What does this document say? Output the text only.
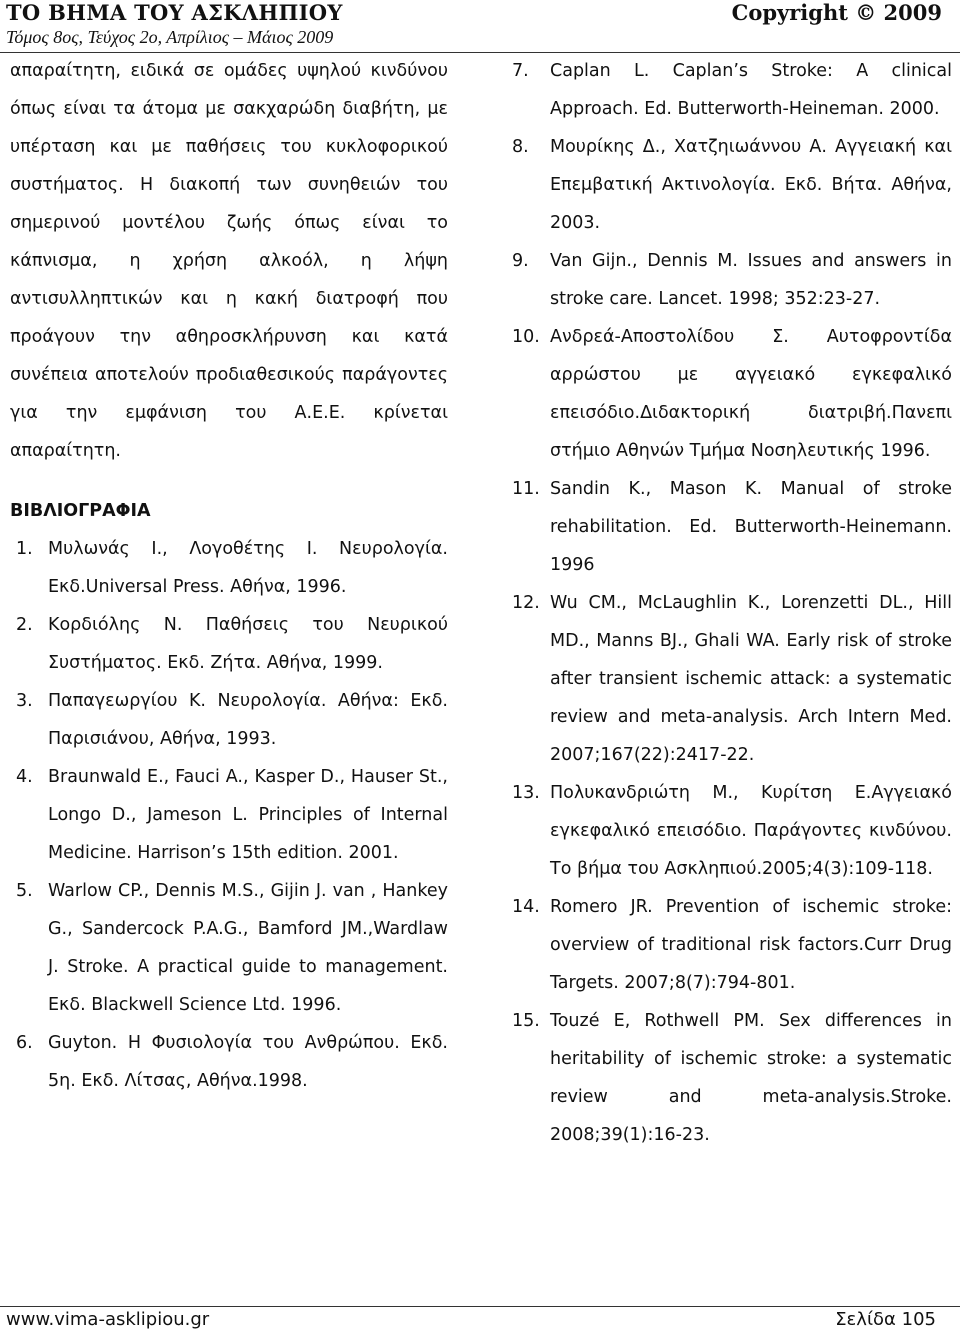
ΤΟ ΒΗΜΑ ΤΟΥ ΑΣΚΛΗΠΙΟΥ	Copyright © 2009
Τόμος 8ος, Τεύχος 2ο, Απρίλιος – Μάιος 2009
απαραίτητη, ειδικά σε ομάδες υψηλού κινδύνου όπως είναι τα άτομα με σακχαρώδη διαβήτη, με υπέρταση και με παθήσεις του κυκλοφορικού συστήματος. Η διακοπή των συνηθειών του σημερινού μοντέλου ζωής όπως είναι το κάπνισμα, η χρήση αλκοόλ, η λήψη αντισυλληπτικών και η κακή διατροφή που προάγουν την αθηροσκλήρυνση και κατά συνέπεια αποτελούν προδιαθεσικούς παράγοντες για την εμφάνιση του Α.Ε.Ε. κρίνεται απαραίτητη.
ΒΙΒΛΙΟΓΡΑΦΙΑ
1. Μυλωνάς Ι., Λογοθέτης Ι. Νευρολογία. Εκδ.Universal Press. Αθήνα, 1996.
2. Κορδιόλης Ν. Παθήσεις του Νευρικού Συστήματος. Εκδ. Ζήτα. Αθήνα, 1999.
3. Παπαγεωργίου Κ. Νευρολογία. Αθήνα: Εκδ. Παρισιάνου, Αθήνα, 1993.
4. Braunwald E., Fauci A., Kasper D., Hauser St., Longo D., Jameson L. Principles of Internal Medicine. Harrison’s 15th edition. 2001.
5. Warlow CP., Dennis M.S., Gijin J. van , Hankey G., Sandercock P.A.G., Bamford JM.,Wardlaw J. Stroke. A practical guide to management. Εκδ. Blackwell Science Ltd. 1996.
6. Guyton. Η Φυσιολογία του Ανθρώπου. Εκδ. 5η. Εκδ. Λίτσας, Αθήνα.1998.
7. Caplan L. Caplan’s Stroke: A clinical Approach. Ed. Butterworth-Heineman. 2000.
8. Μουρίκης Δ., Χατζηιωάννου Α. Αγγειακή και Επεμβατική Ακτινολογία. Εκδ. Βήτα. Αθήνα, 2003.
9. Van Gijn., Dennis M. Issues and answers in stroke care. Lancet. 1998; 352:23-27.
10. Ανδρεά-Αποστολίδου Σ. Αυτοφροντίδα αρρώστου με αγγειακό εγκεφαλικό επεισόδιο.Διδακτορική διατριβή.Πανεπι στήμιο Αθηνών Τμήμα Νοσηλευτικής 1996.
11. Sandin K., Mason K. Manual of stroke rehabilitation. Ed. Butterworth-Heinemann. 1996
12. Wu CM., McLaughlin K., Lorenzetti DL., Hill MD., Manns BJ., Ghali WA. Early risk of stroke after transient ischemic attack: a systematic review and meta-analysis. Arch Intern Med. 2007;167(22):2417-22.
13. Πολυκανδριώτη Μ., Κυρίτση Ε.Αγγειακό εγκεφαλικό επεισόδιο. Παράγοντες κινδύνου. Το βήμα του Ασκληπιού.2005;4(3):109-118.
14. Romero JR. Prevention of ischemic stroke: overview of traditional risk factors.Curr Drug Targets. 2007;8(7):794-801.
15. Touzé E, Rothwell PM. Sex differences in heritability of ischemic stroke: a systematic review and meta-analysis.Stroke. 2008;39(1):16-23.
www.vima-asklipiou.gr	Σελίδα 105
